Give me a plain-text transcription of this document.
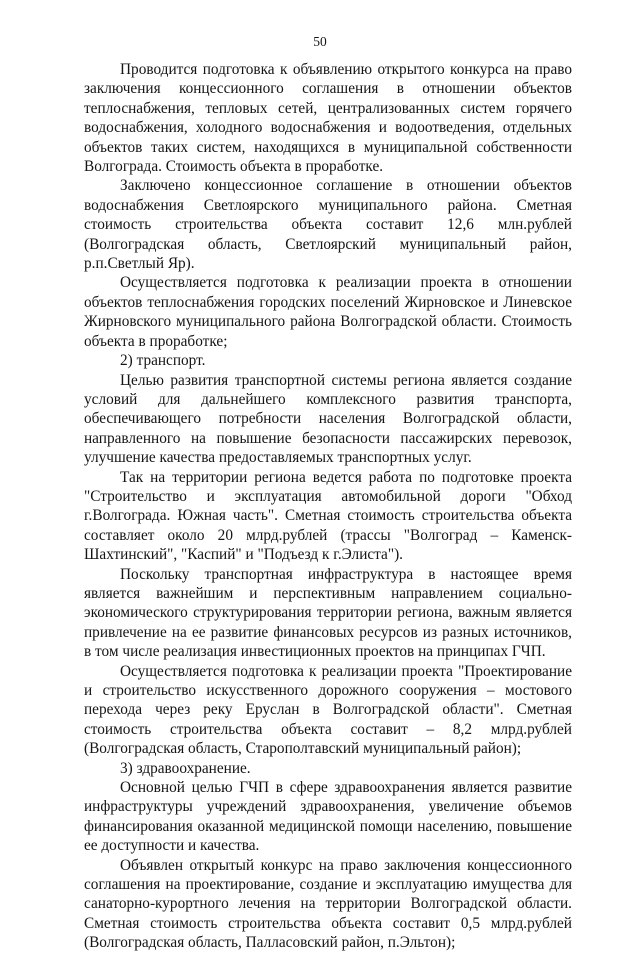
50

Проводится подготовка к объявлению открытого конкурса на право заключения концессионного соглашения в отношении объектов теплоснабжения, тепловых сетей, централизованных систем горячего водоснабжения, холодного водоснабжения и водоотведения, отдельных объектов таких систем, находящихся в муниципальной собственности Волгограда. Стоимость объекта в проработке.

Заключено концессионное соглашение в отношении объектов водоснабжения Светлоярского муниципального района. Сметная стоимость строительства объекта составит 12,6 млн.рублей (Волгоградская область, Светлоярский муниципальный район, р.п.Светлый Яр).

Осуществляется подготовка к реализации проекта в отношении объектов теплоснабжения городских поселений Жирновское и Линевское Жирновского муниципального района Волгоградской области. Стоимость объекта в проработке;

2) транспорт.

Целью развития транспортной системы региона является создание условий для дальнейшего комплексного развития транспорта, обеспечивающего потребности населения Волгоградской области, направленного на повышение безопасности пассажирских перевозок, улучшение качества предоставляемых транспортных услуг.

Так на территории региона ведется работа по подготовке проекта "Строительство и эксплуатация автомобильной дороги "Обход г.Волгограда. Южная часть". Сметная стоимость строительства объекта составляет около 20 млрд.рублей (трассы "Волгоград – Каменск-Шахтинский", "Каспий" и "Подъезд к г.Элиста").

Поскольку транспортная инфраструктура в настоящее время является важнейшим и перспективным направлением социально-экономического структурирования территории региона, важным является привлечение на ее развитие финансовых ресурсов из разных источников, в том числе реализация инвестиционных проектов на принципах ГЧП.

Осуществляется подготовка к реализации проекта "Проектирование и строительство искусственного дорожного сооружения – мостового перехода через реку Еруслан в Волгоградской области". Сметная стоимость строительства объекта составит – 8,2 млрд.рублей (Волгоградская область, Старополтавский муниципальный район);

3) здравоохранение.

Основной целью ГЧП в сфере здравоохранения является развитие инфраструктуры учреждений здравоохранения, увеличение объемов финансирования оказанной медицинской помощи населению, повышение ее доступности и качества.

Объявлен открытый конкурс на право заключения концессионного соглашения на проектирование, создание и эксплуатацию имущества для санаторно-курортного лечения на территории Волгоградской области. Сметная стоимость строительства объекта составит 0,5 млрд.рублей (Волгоградская область, Палласовский район, п.Эльтон);
